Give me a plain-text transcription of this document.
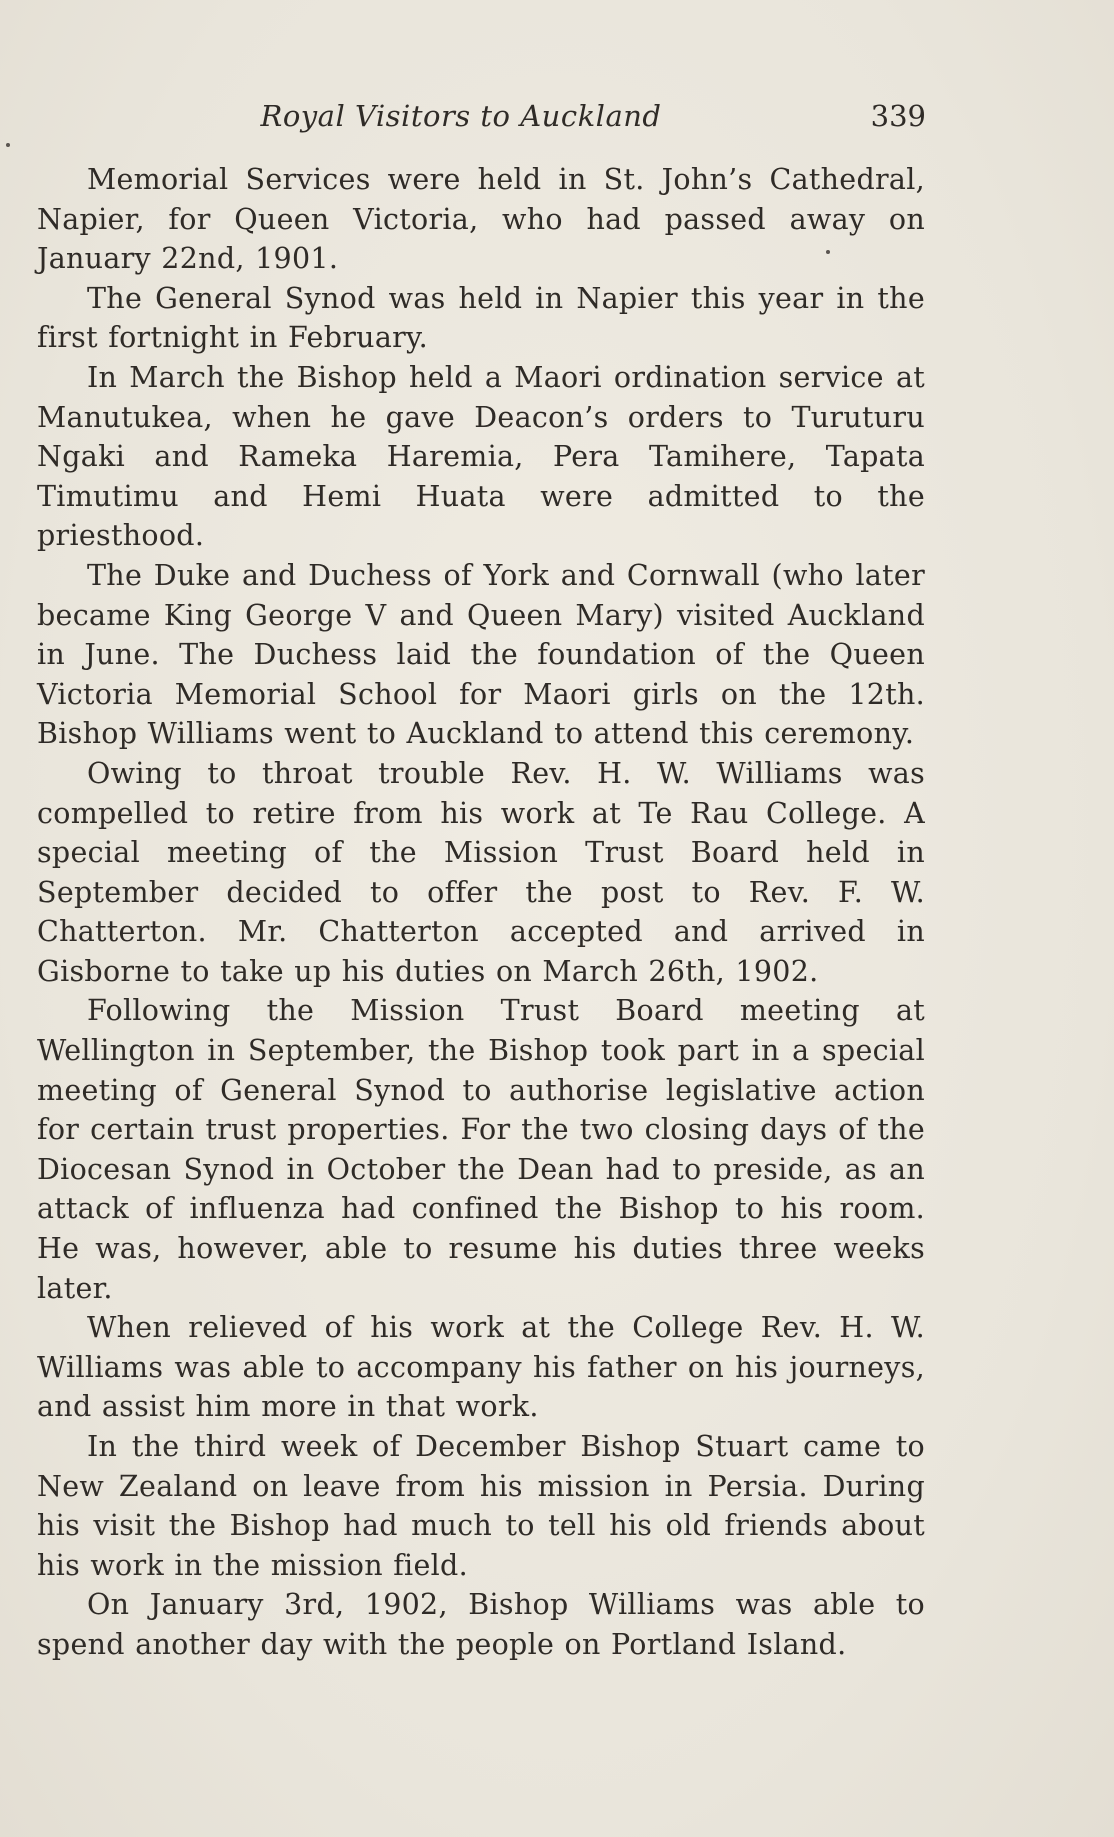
Royal Visitors to Auckland	339

Memorial Services were held in St. John’s Cathedral, Napier, for Queen Victoria, who had passed away on January 22nd, 1901.

The General Synod was held in Napier this year in the first fortnight in February.

In March the Bishop held a Maori ordination service at Manutukea, when he gave Deacon’s orders to Turuturu Ngaki and Rameka Haremia, Pera Tamihere, Tapata Timutimu and Hemi Huata were admitted to the priesthood.

The Duke and Duchess of York and Cornwall (who later became King George V and Queen Mary) visited Auckland in June. The Duchess laid the foundation of the Queen Victoria Memorial School for Maori girls on the 12th. Bishop Williams went to Auckland to attend this ceremony.

Owing to throat trouble Rev. H. W. Williams was compelled to retire from his work at Te Rau College. A special meeting of the Mission Trust Board held in September decided to offer the post to Rev. F. W. Chatterton. Mr. Chatterton accepted and arrived in Gisborne to take up his duties on March 26th, 1902.

Following the Mission Trust Board meeting at Wellington in September, the Bishop took part in a special meeting of General Synod to authorise legislative action for certain trust properties. For the two closing days of the Diocesan Synod in October the Dean had to preside, as an attack of influenza had confined the Bishop to his room. He was, however, able to resume his duties three weeks later.

When relieved of his work at the College Rev. H. W. Williams was able to accompany his father on his journeys, and assist him more in that work.

In the third week of December Bishop Stuart came to New Zealand on leave from his mission in Persia. During his visit the Bishop had much to tell his old friends about his work in the mission field.

On January 3rd, 1902, Bishop Williams was able to spend another day with the people on Portland Island.
